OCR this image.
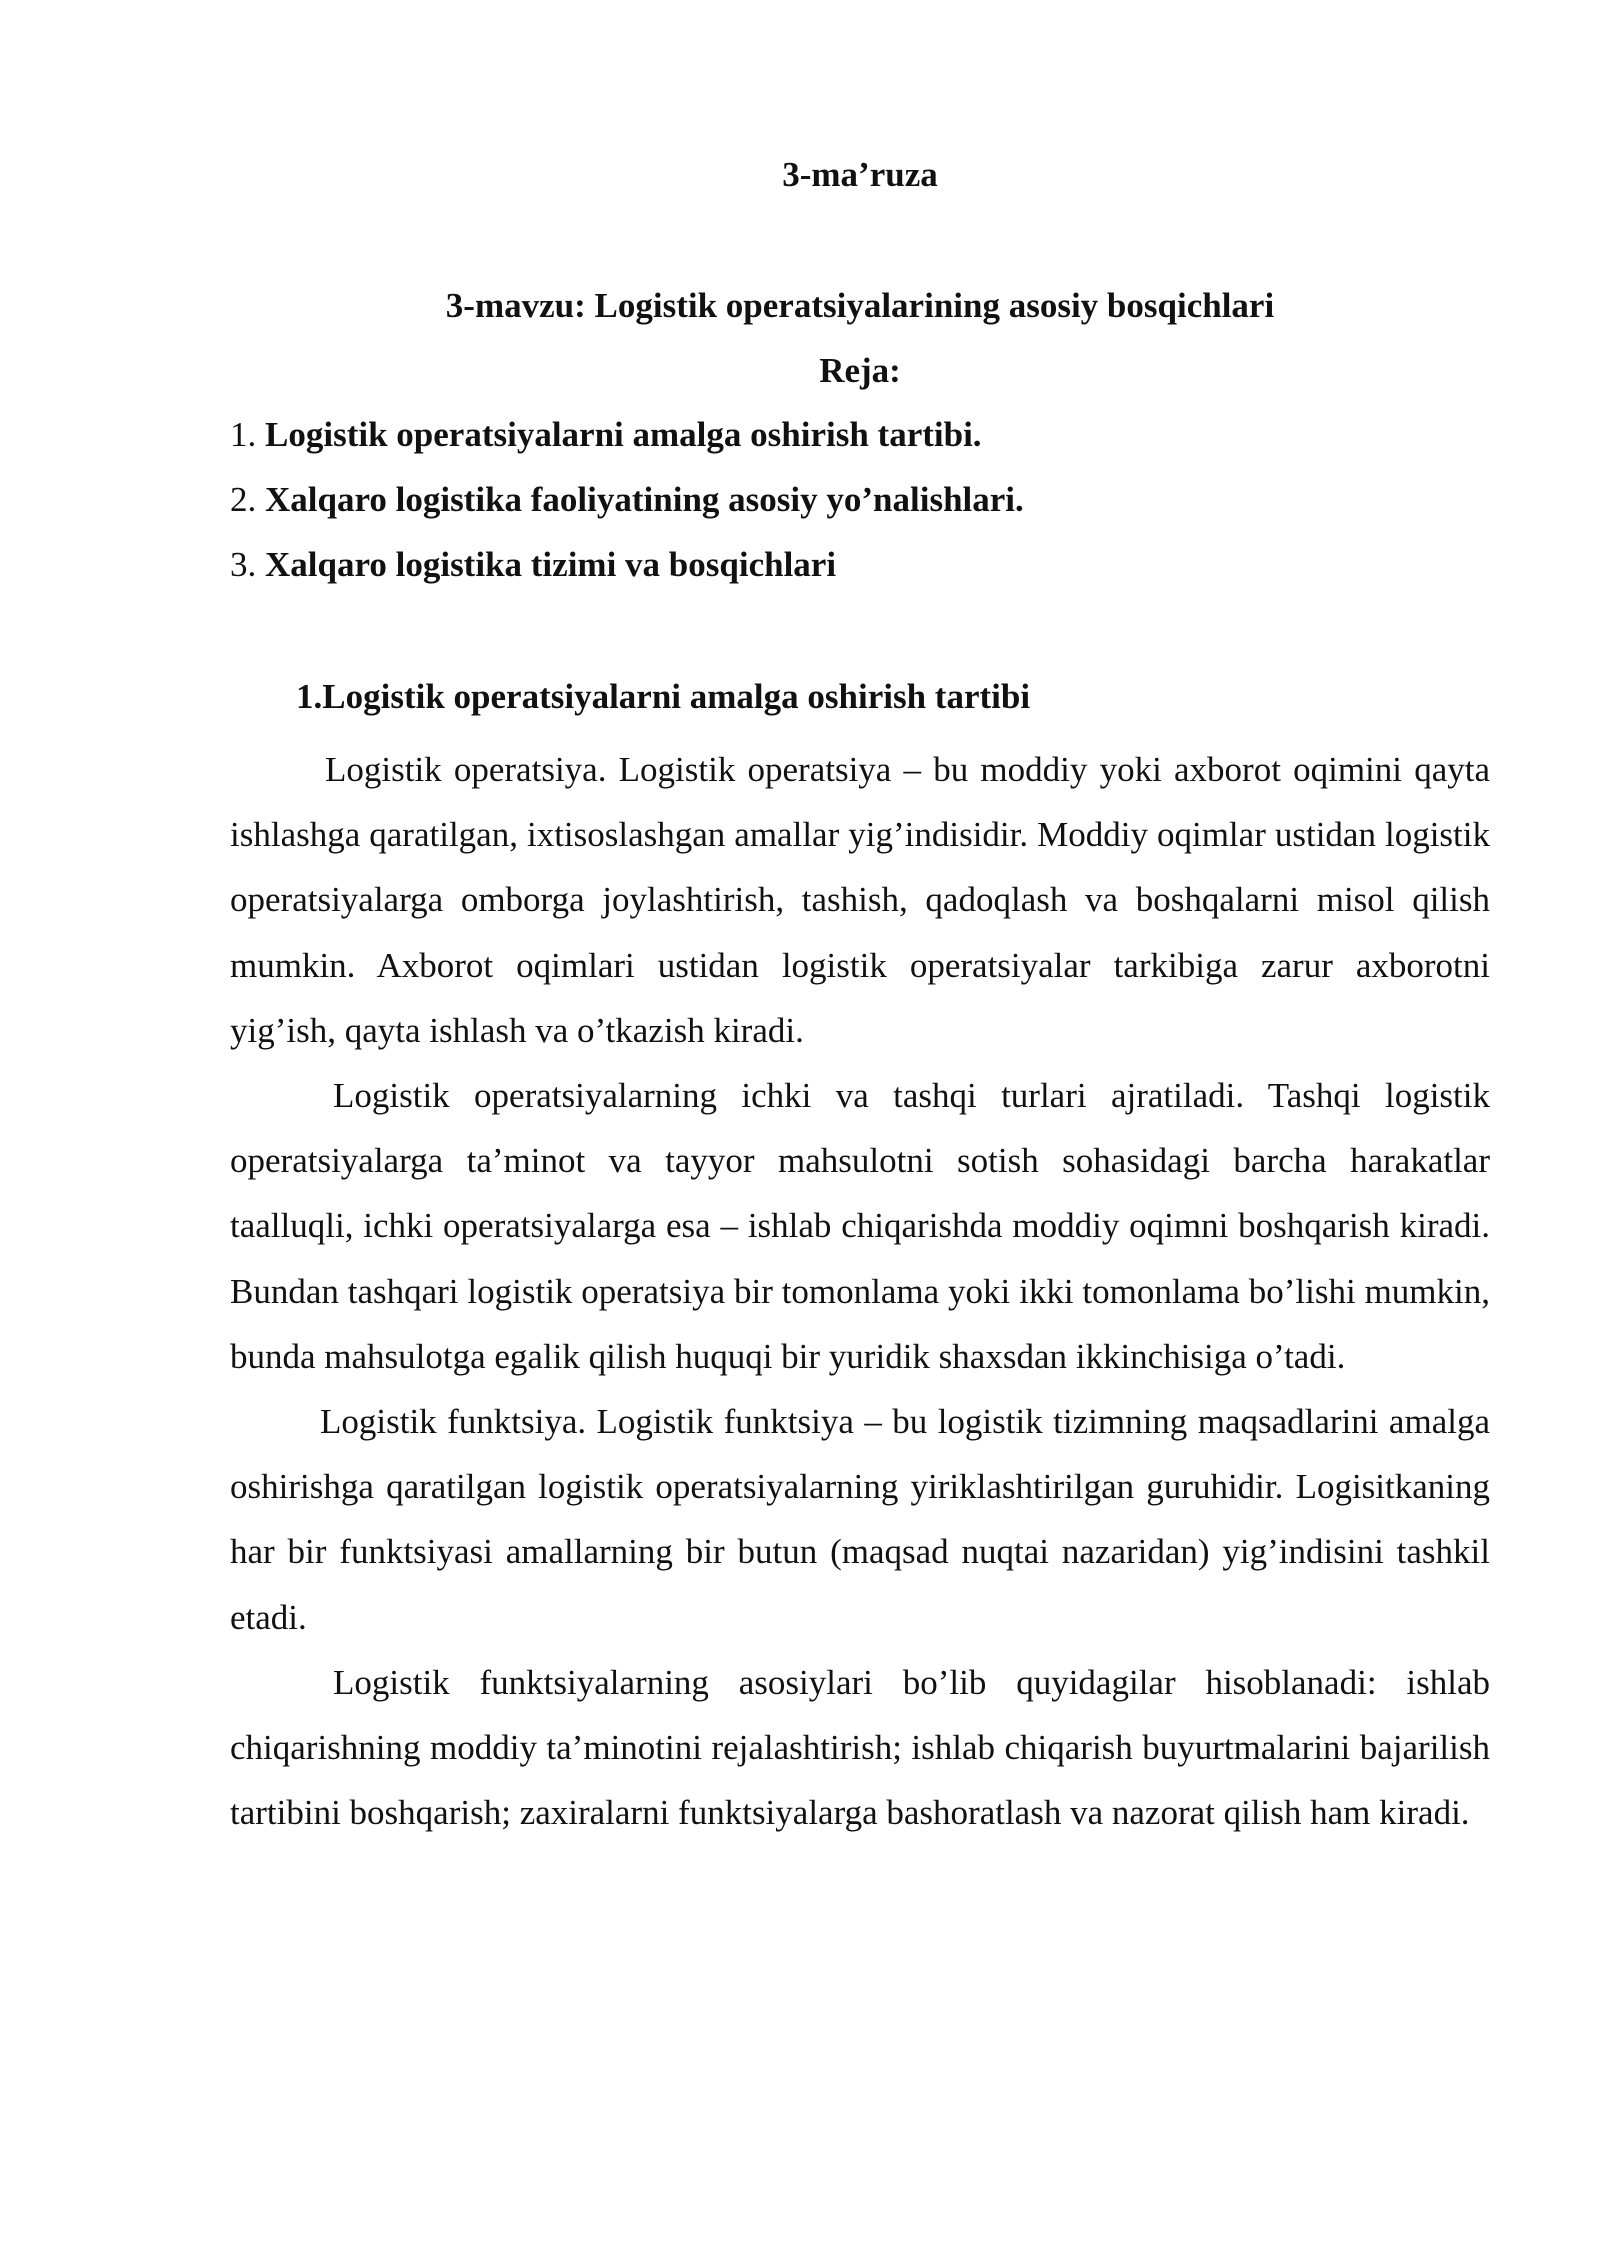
3-ma’ruza
3-mavzu: Logistik operatsiyalarining asosiy bosqichlari
Reja:
1. Logistik operatsiyalarni amalga oshirish tartibi.
2. Xalqaro logistika faoliyatining asosiy yo’nalishlari.
3. Xalqaro logistika tizimi va bosqichlari
1.Logistik operatsiyalarni amalga oshirish tartibi

Logistik operatsiya. Logistik operatsiya – bu moddiy yoki axborot oqimini qayta ishlashga qaratilgan, ixtisoslashgan amallar yig’indisidir. Moddiy oqimlar ustidan logistik operatsiyalarga omborga joylashtirish, tashish, qadoqlash va boshqalarni misol qilish mumkin. Axborot oqimlari ustidan logistik operatsiyalar tarkibiga zarur axborotni yig’ish, qayta ishlash va o’tkazish kiradi.

Logistik operatsiyalarning ichki va tashqi turlari ajratiladi. Tashqi logistik operatsiyalarga ta’minot va tayyor mahsulotni sotish sohasidagi barcha harakatlar taalluqli, ichki operatsiyalarga esa – ishlab chiqarishda moddiy oqimni boshqarish kiradi. Bundan tashqari logistik operatsiya bir tomonlama yoki ikki tomonlama bo’lishi mumkin, bunda mahsulotga egalik qilish huquqi bir yuridik shaxsdan ikkinchisiga o’tadi.

Logistik funktsiya. Logistik funktsiya – bu logistik tizimning maqsadlarini amalga oshirishga qaratilgan logistik operatsiyalarning yiriklashtirilgan guruhidir. Logisitkaning har bir funktsiyasi amallarning bir butun (maqsad nuqtai nazaridan) yig’indisini tashkil etadi.

Logistik funktsiyalarning asosiylari bo’lib quyidagilar hisoblanadi: ishlab chiqarishning moddiy ta’minotini rejalashtirish; ishlab chiqarish buyurtmalarini bajarilish tartibini boshqarish; zaxiralarni funktsiyalarga bashoratlash va nazorat qilish ham kiradi.
